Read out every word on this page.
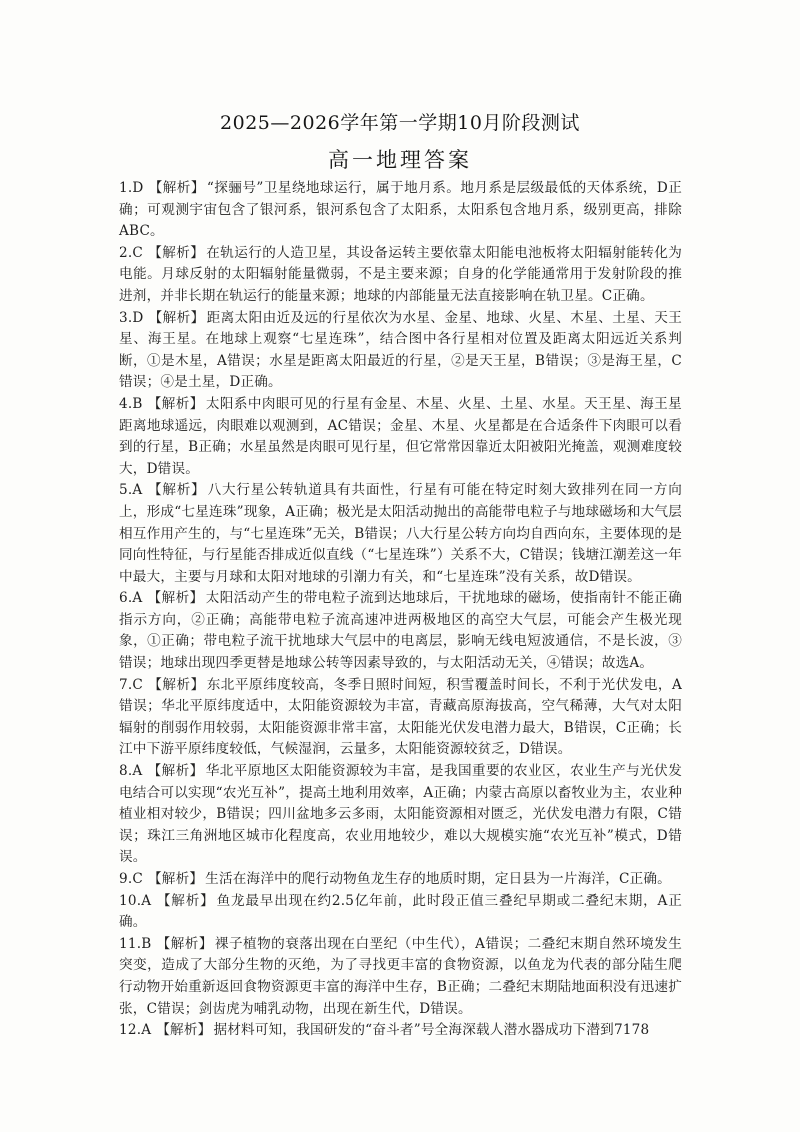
2025—2026学年第一学期10月阶段测试
高一地理答案

1.D 【解析】 “探骊号”卫星绕地球运行，属于地月系。地月系是层级最低的天体系统，D正确；可观测宇宙包含了银河系，银河系包含了太阳系，太阳系包含地月系，级别更高，排除ABC。

2.C 【解析】 在轨运行的人造卫星，其设备运转主要依靠太阳能电池板将太阳辐射能转化为电能。月球反射的太阳辐射能量微弱，不是主要来源；自身的化学能通常用于发射阶段的推进剂，并非长期在轨运行的能量来源；地球的内部能量无法直接影响在轨卫星。C正确。

3.D 【解析】 距离太阳由近及远的行星依次为水星、金星、地球、火星、木星、土星、天王星、海王星。在地球上观察“七星连珠”，结合图中各行星相对位置及距离太阳远近关系判断，①是木星，A错误；水星是距离太阳最近的行星，②是天王星，B错误；③是海王星，C错误；④是土星，D正确。

4.B 【解析】 太阳系中肉眼可见的行星有金星、木星、火星、土星、水星。天王星、海王星距离地球遥远，肉眼难以观测到，AC错误；金星、木星、火星都是在合适条件下肉眼可以看到的行星，B正确；水星虽然是肉眼可见行星，但它常常因靠近太阳被阳光掩盖，观测难度较大，D错误。

5.A 【解析】 八大行星公转轨道具有共面性，行星有可能在特定时刻大致排列在同一方向上，形成“七星连珠”现象，A正确；极光是太阳活动抛出的高能带电粒子与地球磁场和大气层相互作用产生的，与“七星连珠”无关，B错误；八大行星公转方向均自西向东，主要体现的是同向性特征，与行星能否排成近似直线（“七星连珠”）关系不大，C错误；钱塘江潮差这一年中最大，主要与月球和太阳对地球的引潮力有关，和“七星连珠”没有关系，故D错误。

6.A 【解析】 太阳活动产生的带电粒子流到达地球后，干扰地球的磁场，使指南针不能正确指示方向，②正确；高能带电粒子流高速冲进两极地区的高空大气层，可能会产生极光现象，①正确；带电粒子流干扰地球大气层中的电离层，影响无线电短波通信，不是长波，③错误；地球出现四季更替是地球公转等因素导致的，与太阳活动无关，④错误；故选A。

7.C 【解析】 东北平原纬度较高，冬季日照时间短，积雪覆盖时间长，不利于光伏发电，A错误；华北平原纬度适中，太阳能资源较为丰富，青藏高原海拔高，空气稀薄，大气对太阳辐射的削弱作用较弱，太阳能资源非常丰富，太阳能光伏发电潜力最大，B错误，C正确；长江中下游平原纬度较低，气候湿润，云量多，太阳能资源较贫乏，D错误。

8.A 【解析】 华北平原地区太阳能资源较为丰富，是我国重要的农业区，农业生产与光伏发电结合可以实现“农光互补”，提高土地利用效率，A正确；内蒙古高原以畜牧业为主，农业种植业相对较少，B错误；四川盆地多云多雨，太阳能资源相对匮乏，光伏发电潜力有限，C错误；珠江三角洲地区城市化程度高，农业用地较少，难以大规模实施“农光互补”模式，D错误。

9.C 【解析】 生活在海洋中的爬行动物鱼龙生存的地质时期，定日县为一片海洋，C正确。

10.A 【解析】 鱼龙最早出现在约2.5亿年前，此时段正值三叠纪早期或二叠纪末期，A正确。

11.B 【解析】 裸子植物的衰落出现在白垩纪（中生代），A错误；二叠纪末期自然环境发生突变，造成了大部分生物的灭绝，为了寻找更丰富的食物资源，以鱼龙为代表的部分陆生爬行动物开始重新返回食物资源更丰富的海洋中生存，B正确；二叠纪末期陆地面积没有迅速扩张，C错误；剑齿虎为哺乳动物，出现在新生代，D错误。

12.A 【解析】 据材料可知，我国研发的“奋斗者”号全海深载人潜水器成功下潜到7178
